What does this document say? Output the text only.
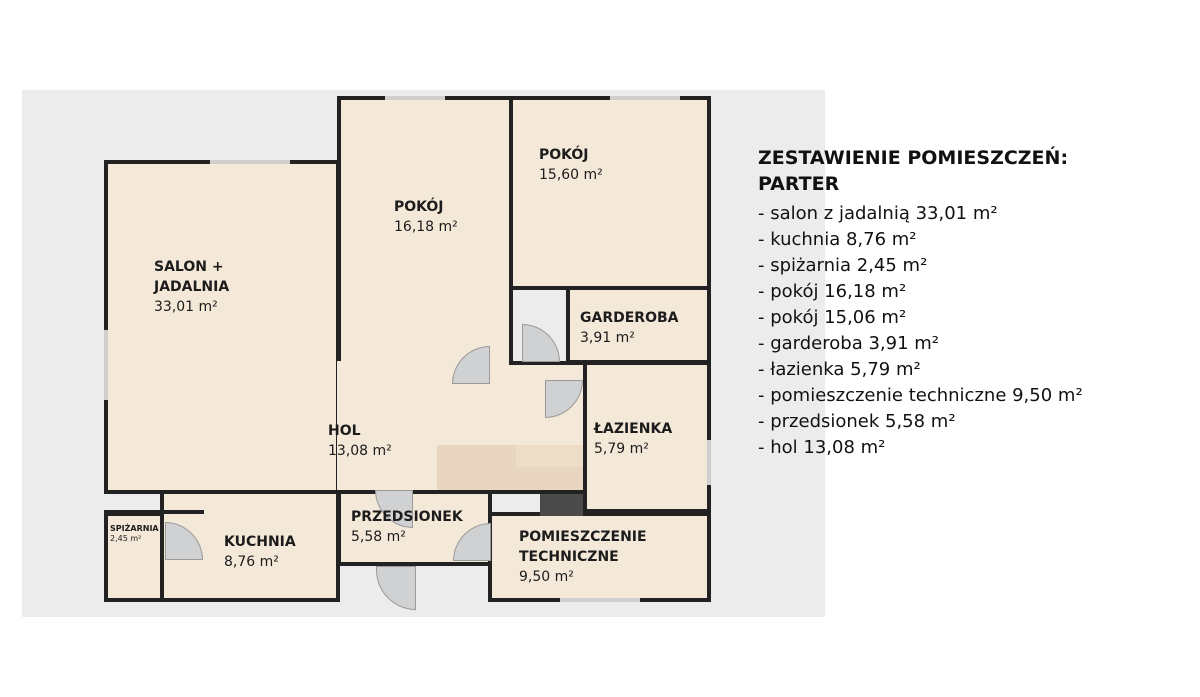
SALON +
JADALNIA
33,01 m²
POKÓJ
16,18 m²
POKÓJ
15,60 m²
GARDEROBA
3,91 m²
HOL
13,08 m²
ŁAZIENKA
5,79 m²
SPIŻARNIA
2,45 m²	KUCHNIA
8,76 m²
PRZEDSIONEK
5,58 m²	POMIESZCZENIE
TECHNICZNE
9,50 m²
ZESTAWIENIE POMIESZCZEŃ:
PARTER
- salon z jadalnią 33,01 m²
- kuchnia 8,76 m²
- spiżarnia 2,45 m²
- pokój 16,18 m²
- pokój 15,06 m²
- garderoba 3,91 m²
- łazienka 5,79 m²
- pomieszczenie techniczne 9,50 m²
- przedsionek 5,58 m²
- hol 13,08 m²
